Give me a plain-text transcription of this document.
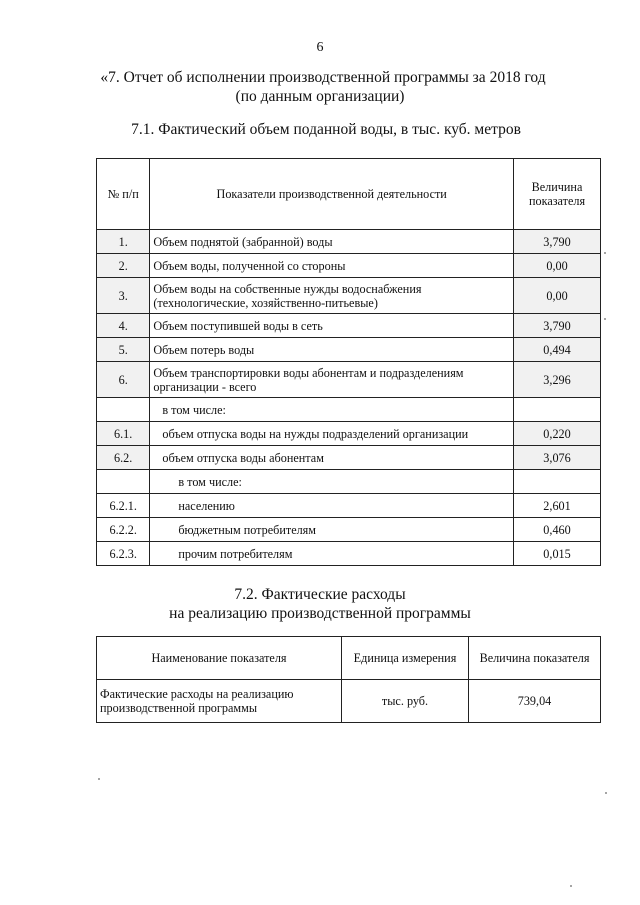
6
«7. Отчет об исполнении производственной программы за 2018 год
(по данным организации)
7.1. Фактический объем поданной воды, в тыс. куб. метров
№ п/п	Показатели производственной деятельности	Величина показателя
1.	Объем поднятой (забранной) воды	3,790
2.	Объем воды, полученной со стороны	0,00
3.	Объем воды на собственные нужды водоснабжения (технологические, хозяйственно-питьевые)	0,00
4.	Объем поступившей воды в сеть	3,790
5.	Объем потерь воды	0,494
6.	Объем транспортировки воды абонентам и подразделениям организации - всего	3,296
	в том числе:	
6.1.	объем отпуска воды на нужды подразделений организации	0,220
6.2.	объем отпуска воды абонентам	3,076
	в том числе:	
6.2.1.	населению	2,601
6.2.2.	бюджетным потребителям	0,460
6.2.3.	прочим потребителям	0,015
7.2. Фактические расходы
на реализацию производственной программы
Наименование показателя	Единица измерения	Величина показателя
Фактические расходы на реализацию производственной программы	тыс. руб.	739,04
